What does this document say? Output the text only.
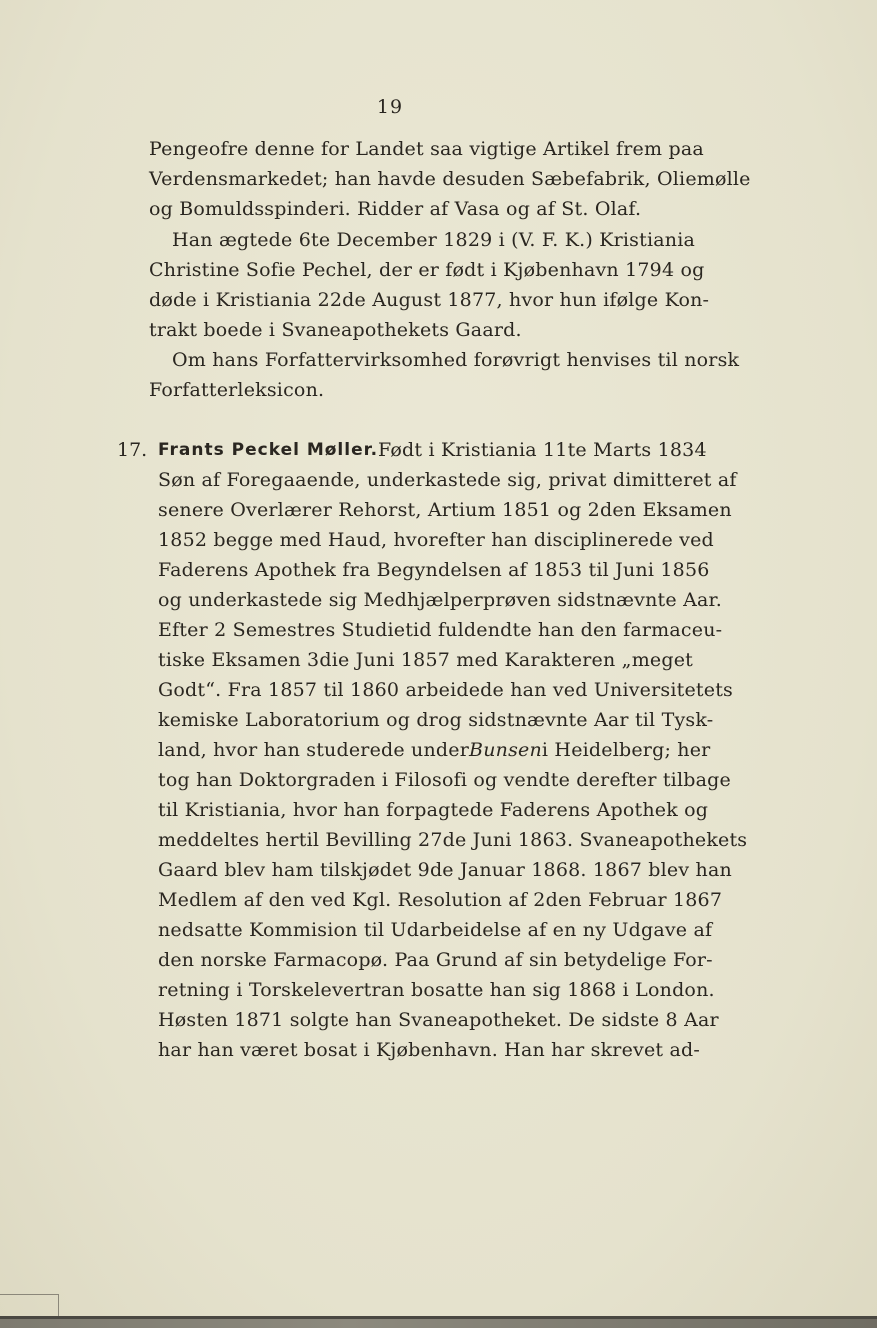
19
Pengeofre denne for Landet saa vigtige Artikel frem paa
Verdensmarkedet; han havde desuden Sæbefabrik, Oliemølle
og Bomuldsspinderi. Ridder af Vasa og af St. Olaf.
Han ægtede 6te December 1829 i (V. F. K.) Kristiania
Christine Sofie Pechel, der er født i Kjøbenhavn 1794 og
døde i Kristiania 22de August 1877, hvor hun ifølge Kon-
trakt boede i Svaneapothekets Gaard.
Om hans Forfattervirksomhed forøvrigt henvises til norsk
Forfatterleksicon.
17. Frants Peckel Møller. Født i Kristiania 11te Marts 1834
Søn af Foregaaende, underkastede sig, privat dimitteret af
senere Overlærer Rehorst, Artium 1851 og 2den Eksamen
1852 begge med Haud, hvorefter han disciplinerede ved
Faderens Apothek fra Begyndelsen af 1853 til Juni 1856
og underkastede sig Medhjælperprøven sidstnævnte Aar.
Efter 2 Semestres Studietid fuldendte han den farmaceu-
tiske Eksamen 3die Juni 1857 med Karakteren „meget
Godt“. Fra 1857 til 1860 arbeidede han ved Universitetets
kemiske Laboratorium og drog sidstnævnte Aar til Tysk-
land, hvor han studerede under Bunsen i Heidelberg; her
tog han Doktorgraden i Filosofi og vendte derefter tilbage
til Kristiania, hvor han forpagtede Faderens Apothek og
meddeltes hertil Bevilling 27de Juni 1863. Svaneapothekets
Gaard blev ham tilskjødet 9de Januar 1868. 1867 blev han
Medlem af den ved Kgl. Resolution af 2den Februar 1867
nedsatte Kommision til Udarbeidelse af en ny Udgave af
den norske Farmacopø. Paa Grund af sin betydelige For-
retning i Torskelevertran bosatte han sig 1868 i London.
Høsten 1871 solgte han Svaneapotheket. De sidste 8 Aar
har han været bosat i Kjøbenhavn. Han har skrevet ad-
